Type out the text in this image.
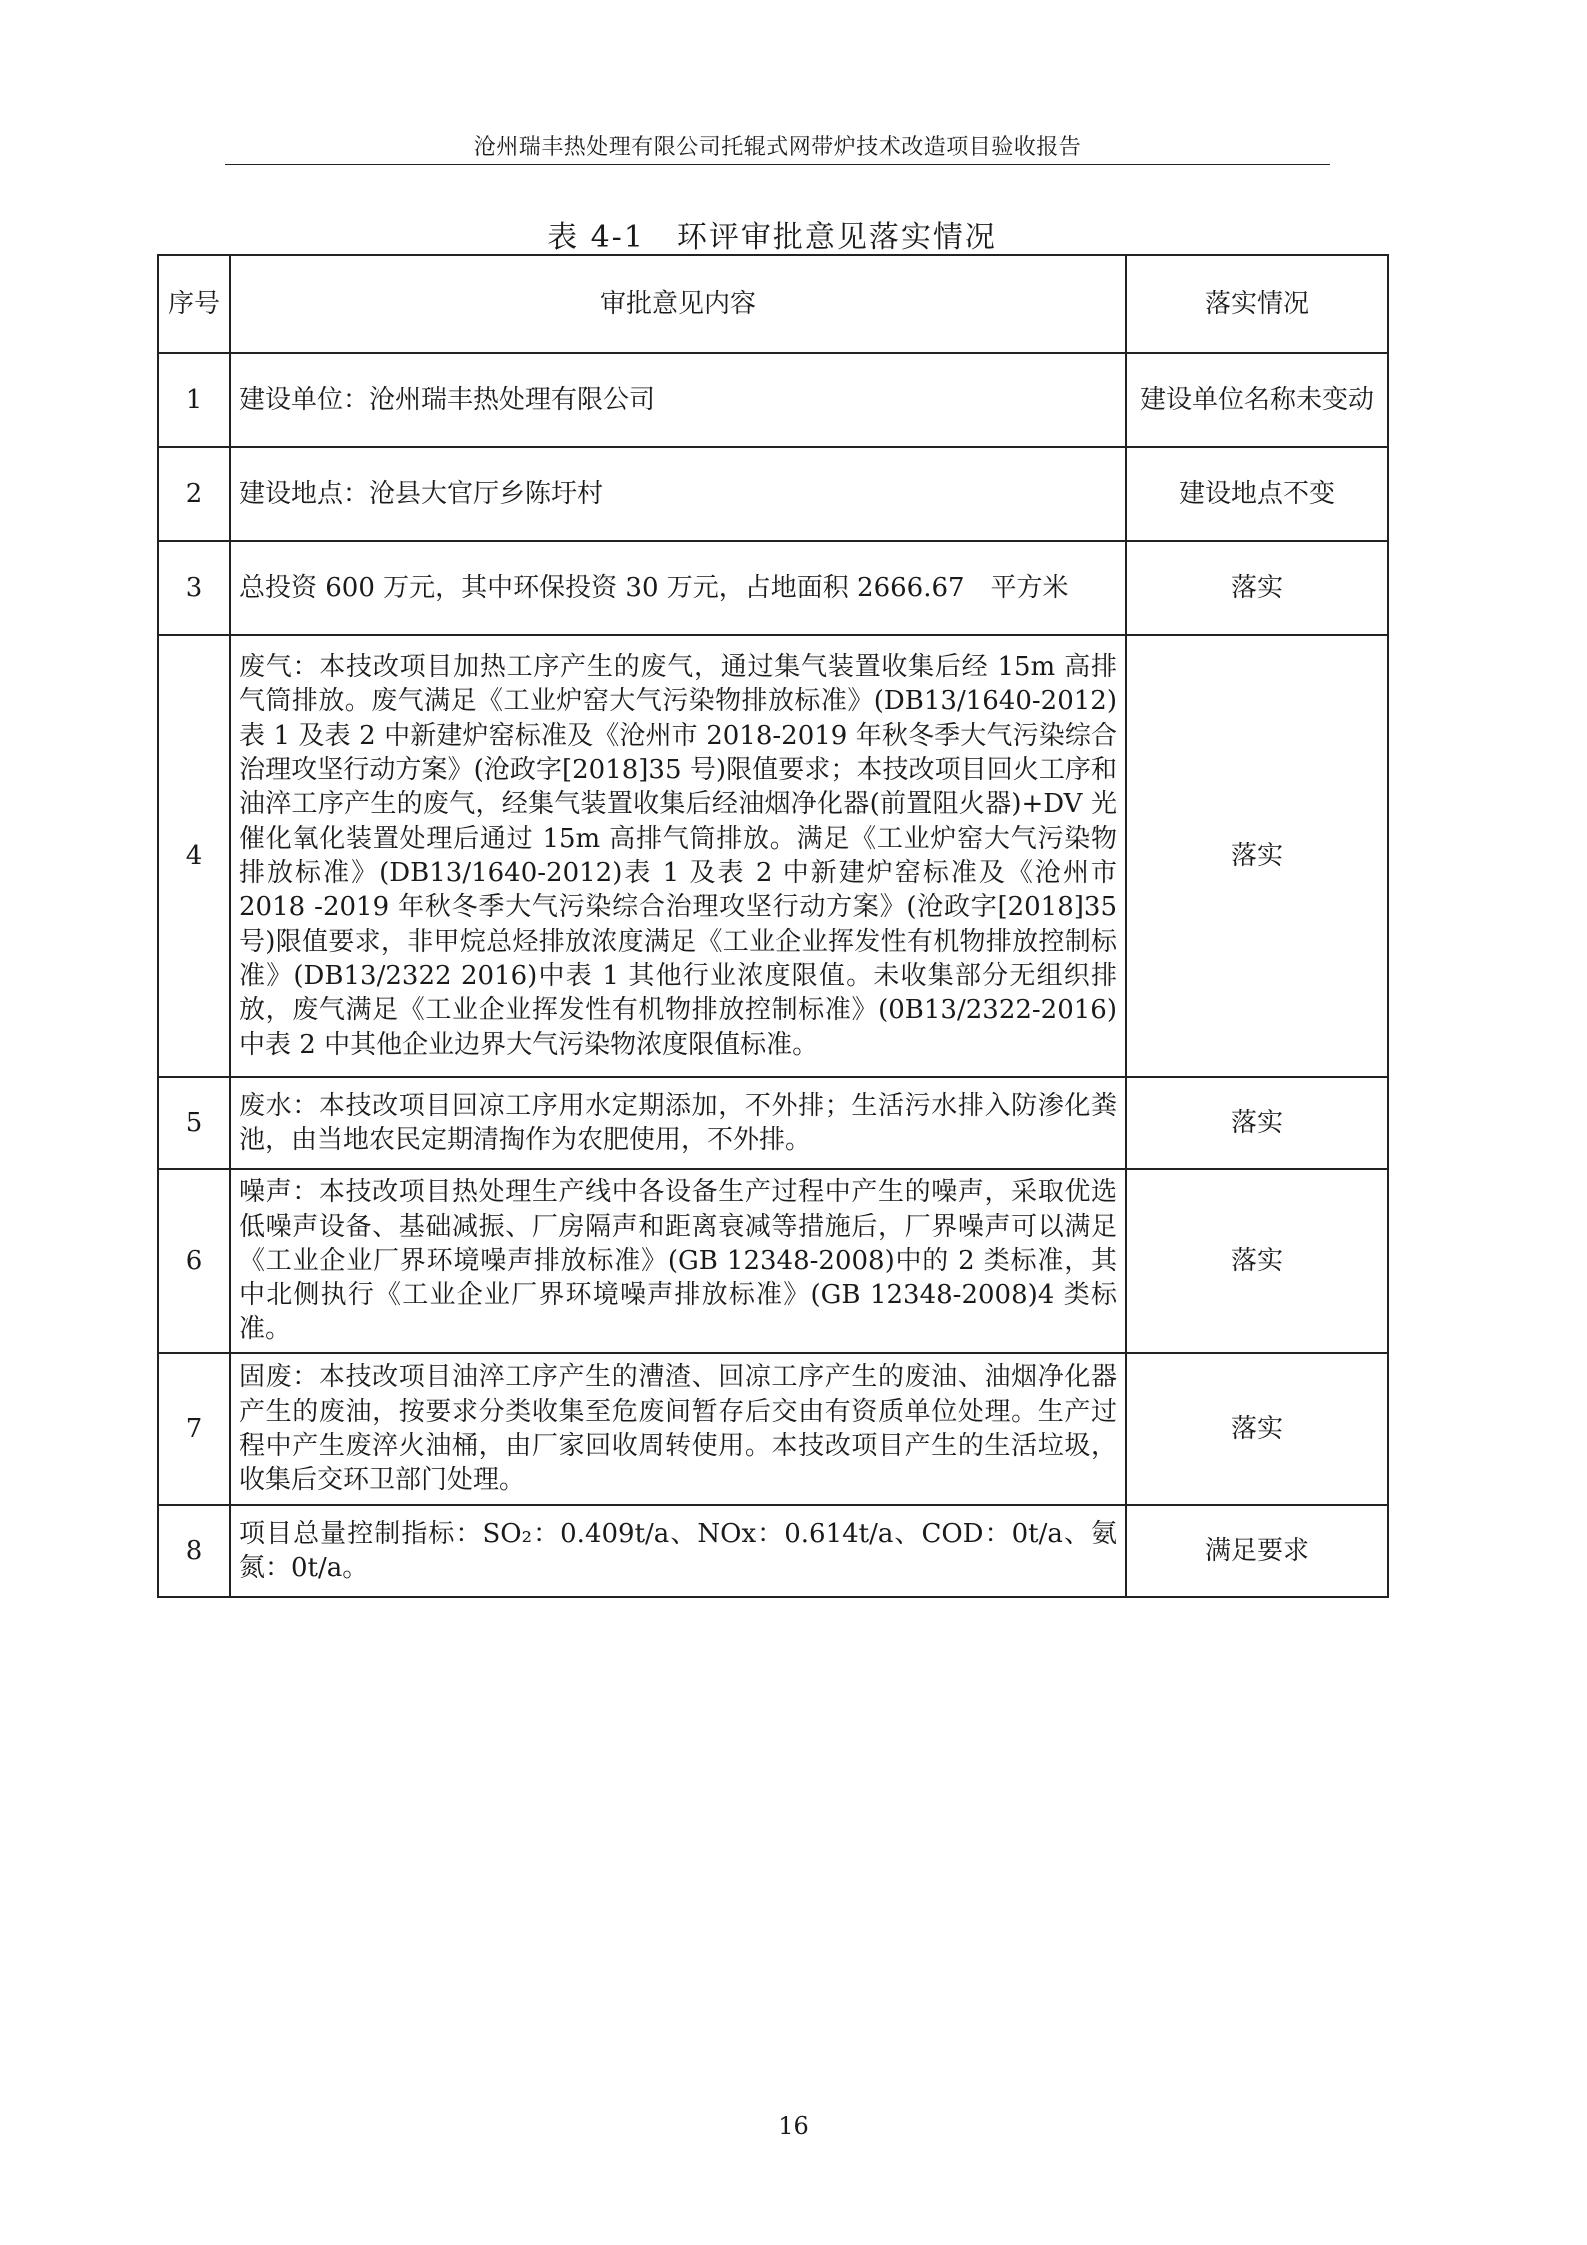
沧州瑞丰热处理有限公司托辊式网带炉技术改造项目验收报告
表 4-1　环评审批意见落实情况
序号	审批意见内容	落实情况
1	建设单位：沧州瑞丰热处理有限公司	建设单位名称未变动
2	建设地点：沧县大官厅乡陈圩村	建设地点不变
3	总投资 600 万元，其中环保投资 30 万元，占地面积 2666.67　平方米	落实
4	废气：本技改项目加热工序产生的废气，通过集气装置收集后经 15m 高排气筒排放。废气满足《工业炉窑大气污染物排放标准》(DB13/1640-2012)表 1 及表 2 中新建炉窑标准及《沧州市 2018-2019 年秋冬季大气污染综合治理攻坚行动方案》(沧政字[2018]35 号)限值要求；本技改项目回火工序和油淬工序产生的废气，经集气装置收集后经油烟净化器(前置阻火器)+DV 光催化氧化装置处理后通过 15m 高排气筒排放。满足《工业炉窑大气污染物排放标准》(DB13/1640-2012)表 1 及表 2 中新建炉窑标准及《沧州市 2018 -2019 年秋冬季大气污染综合治理攻坚行动方案》(沧政字[2018]35 号)限值要求，非甲烷总烃排放浓度满足《工业企业挥发性有机物排放控制标准》(DB13/2322 2016)中表 1 其他行业浓度限值。未收集部分无组织排放，废气满足《工业企业挥发性有机物排放控制标准》(0B13/2322-2016)中表 2 中其他企业边界大气污染物浓度限值标准。	落实
5	废水：本技改项目回凉工序用水定期添加，不外排；生活污水排入防渗化粪池，由当地农民定期清掏作为农肥使用，不外排。	落实
6	噪声：本技改项目热处理生产线中各设备生产过程中产生的噪声，采取优选低噪声设备、基础减振、厂房隔声和距离衰减等措施后，厂界噪声可以满足《工业企业厂界环境噪声排放标准》(GB 12348-2008)中的 2 类标准，其中北侧执行《工业企业厂界环境噪声排放标准》(GB 12348-2008)4 类标准。	落实
7	固废：本技改项目油淬工序产生的漕渣、回凉工序产生的废油、油烟净化器产生的废油，按要求分类收集至危废间暂存后交由有资质单位处理。生产过程中产生废淬火油桶，由厂家回收周转使用。本技改项目产生的生活垃圾，收集后交环卫部门处理。	落实
8	项目总量控制指标：SO₂：0.409t/a、NOx：0.614t/a、COD：0t/a、氨氮：0t/a。	满足要求
16
